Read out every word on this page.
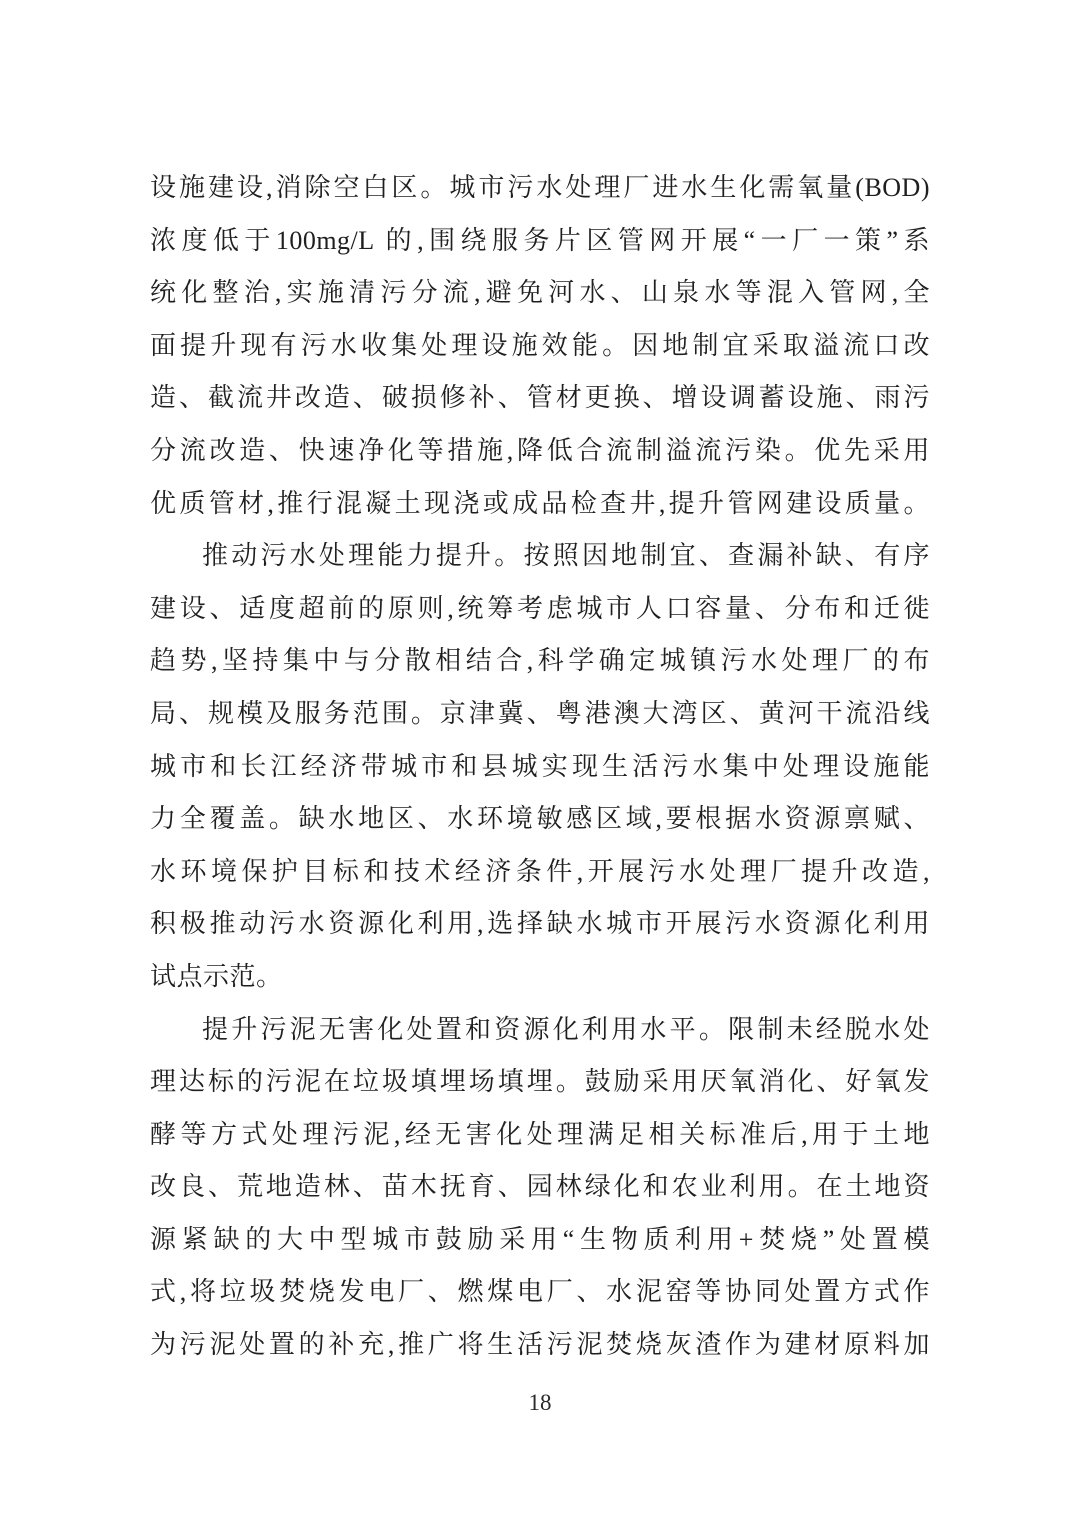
设施建设,消除空白区。城市污水处理厂进水生化需氧量(BOD)
浓度低于100mg/L 的,围绕服务片区管网开展“一厂一策”系
统化整治,实施清污分流,避免河水、山泉水等混入管网,全
面提升现有污水收集处理设施效能。因地制宜采取溢流口改
造、截流井改造、破损修补、管材更换、增设调蓄设施、雨污
分流改造、快速净化等措施,降低合流制溢流污染。优先采用
优质管材,推行混凝土现浇或成品检查井,提升管网建设质量。
推动污水处理能力提升。按照因地制宜、查漏补缺、有序
建设、适度超前的原则,统筹考虑城市人口容量、分布和迁徙
趋势,坚持集中与分散相结合,科学确定城镇污水处理厂的布
局、规模及服务范围。京津冀、粤港澳大湾区、黄河干流沿线
城市和长江经济带城市和县城实现生活污水集中处理设施能
力全覆盖。缺水地区、水环境敏感区域,要根据水资源禀赋、
水环境保护目标和技术经济条件,开展污水处理厂提升改造,
积极推动污水资源化利用,选择缺水城市开展污水资源化利用
试点示范。
提升污泥无害化处置和资源化利用水平。限制未经脱水处
理达标的污泥在垃圾填埋场填埋。鼓励采用厌氧消化、好氧发
酵等方式处理污泥,经无害化处理满足相关标准后,用于土地
改良、荒地造林、苗木抚育、园林绿化和农业利用。在土地资
源紧缺的大中型城市鼓励采用“生物质利用+焚烧”处置模
式,将垃圾焚烧发电厂、燃煤电厂、水泥窑等协同处置方式作
为污泥处置的补充,推广将生活污泥焚烧灰渣作为建材原料加
18
